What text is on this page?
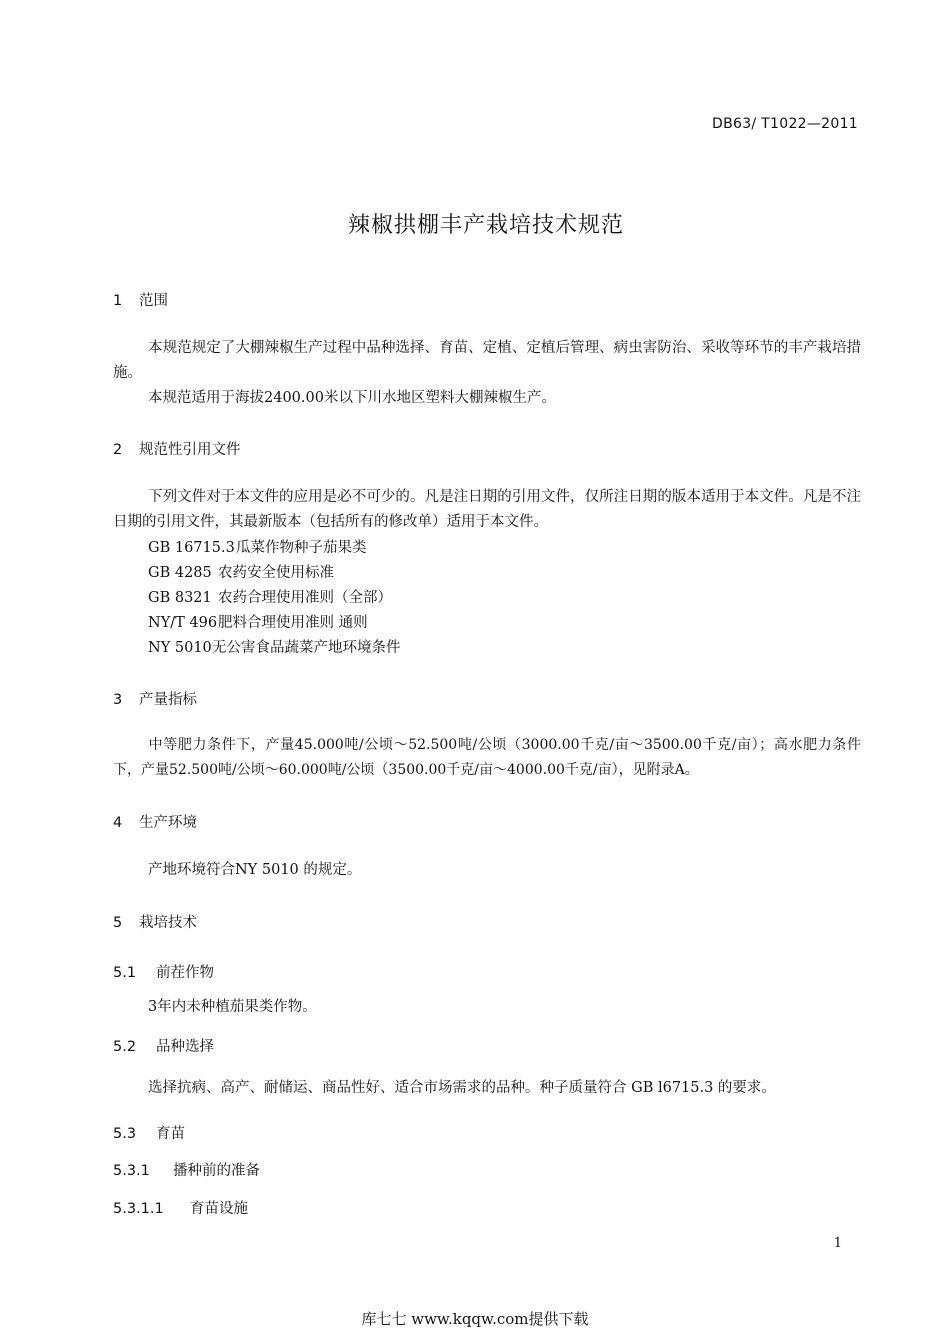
DB63/ T1022—2011
辣椒拱棚丰产栽培技术规范
1 范围
本规范规定了大棚辣椒生产过程中品种选择、育苗、定植、定植后管理、病虫害防治、采收等环节的丰产栽培措施。
本规范适用于海拔2400.00米以下川水地区塑料大棚辣椒生产。
2 规范性引用文件
下列文件对于本文件的应用是必不可少的。凡是注日期的引用文件，仅所注日期的版本适用于本文件。凡是不注日期的引用文件，其最新版本（包括所有的修改单）适用于本文件。
GB 16715.3瓜菜作物种子茄果类
GB 4285 农药安全使用标准
GB 8321 农药合理使用准则（全部）
NY/T 496肥料合理使用准则 通则
NY 5010无公害食品蔬菜产地环境条件
3 产量指标
中等肥力条件下，产量45.000吨/公顷～52.500吨/公顷（3000.00千克/亩～3500.00千克/亩）；高水肥力条件下，产量52.500吨/公顷～60.000吨/公顷（3500.00千克/亩～4000.00千克/亩），见附录A。
4 生产环境
产地环境符合NY 5010 的规定。
5 栽培技术
5.1 前茬作物
3年内未种植茄果类作物。
5.2 品种选择
选择抗病、高产、耐储运、商品性好、适合市场需求的品种。种子质量符合 GB l6715.3 的要求。
5.3 育苗
5.3.1 播种前的准备
5.3.1.1 育苗设施
1
库七七 www.kqqw.com提供下载
